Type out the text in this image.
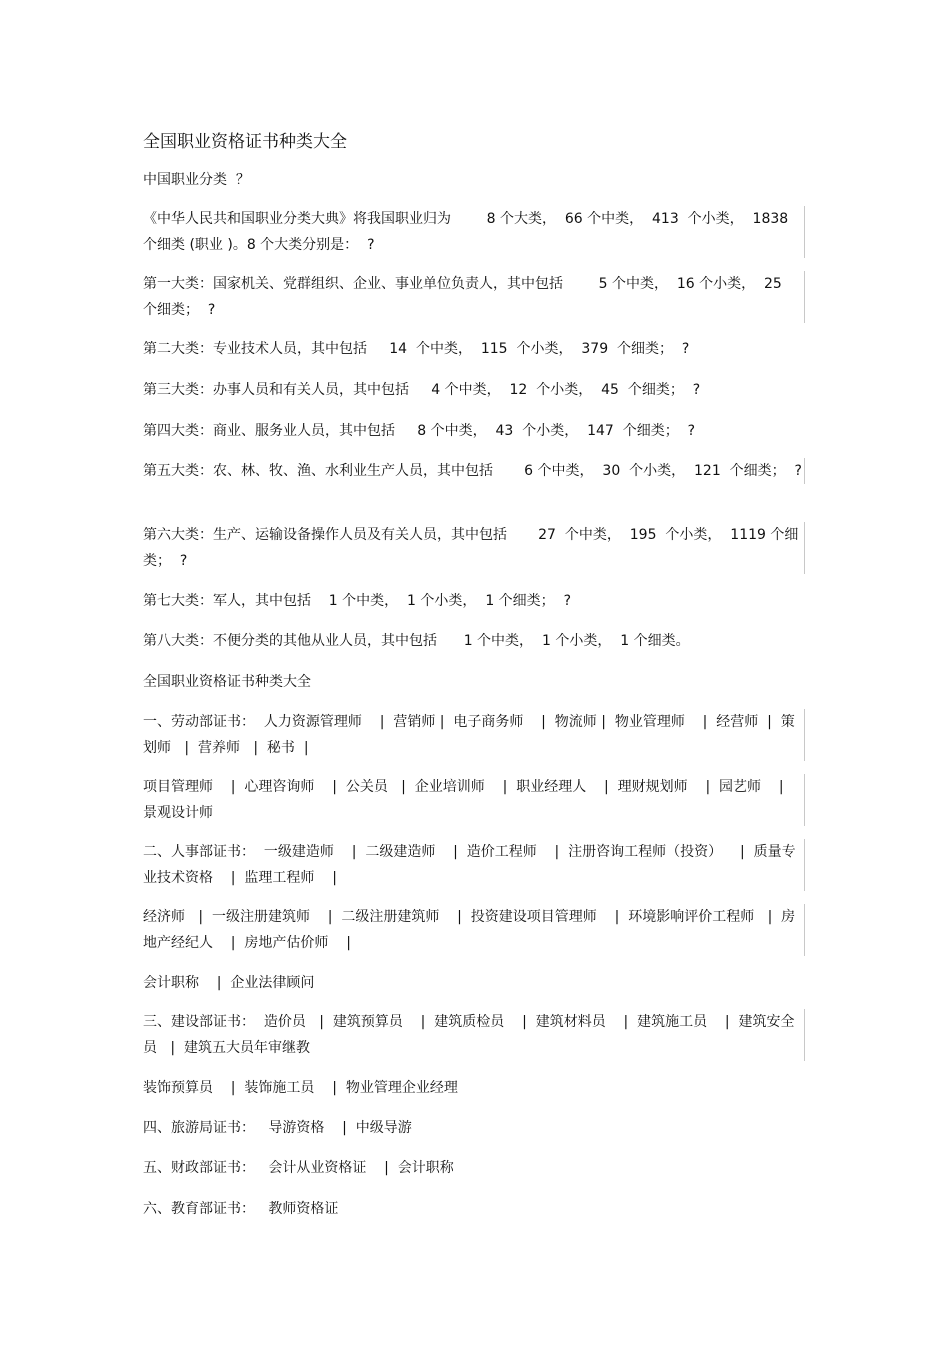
全国职业资格证书种类大全
中国职业分类  ？
《中华人民共和国职业分类大典》将我国职业归为        8 个大类，  66 个中类，  413  个小类，  1838  个细类 (职业 )。8 个大类分别是：  ?
第一大类：国家机关、党群组织、企业、事业单位负责人，其中包括        5 个中类，  16 个小类，  25  个细类；  ?
第二大类：专业技术人员，其中包括     14  个中类，  115  个小类，  379  个细类；  ?
第三大类：办事人员和有关人员，其中包括     4 个中类，  12  个小类，  45  个细类；  ?
第四大类：商业、服务业人员，其中包括     8 个中类，  43  个小类，  147  个细类；  ?
第五大类：农、林、牧、渔、水利业生产人员，其中包括       6 个中类，  30  个小类，  121  个细类；  ?
第六大类：生产、运输设备操作人员及有关人员，其中包括       27  个中类，  195  个小类，  1119 个细类；  ?
第七大类：军人，其中包括    1 个中类，  1 个小类，  1 个细类；  ?
第八大类：不便分类的其他从业人员，其中包括      1 个中类，  1 个小类，  1 个细类。
全国职业资格证书种类大全
一、劳动部证书：  人力资源管理师    |  营销师 |  电子商务师    |  物流师 |  物业管理师    |  经营师  |  策划师   |  营养师   |  秘书  |
项目管理师    |  心理咨询师    |  公关员   |  企业培训师    |  职业经理人    |  理财规划师    |  园艺师    |  景观设计师
二、人事部证书：  一级建造师    |  二级建造师    |  造价工程师    |  注册咨询工程师（投资）    |  质量专业技术资格    |  监理工程师    |
经济师   |  一级注册建筑师    |  二级注册建筑师    |  投资建设项目管理师    |  环境影响评价工程师   |  房地产经纪人    |  房地产估价师    |
会计职称    |  企业法律顾问
三、建设部证书：  造价员   |  建筑预算员    |  建筑质检员    |  建筑材料员    |  建筑施工员    |  建筑安全员   |  建筑五大员年审继教
装饰预算员    |  装饰施工员    |  物业管理企业经理
四、旅游局证书：   导游资格    |  中级导游
五、财政部证书：   会计从业资格证    |  会计职称
六、教育部证书：   教师资格证
